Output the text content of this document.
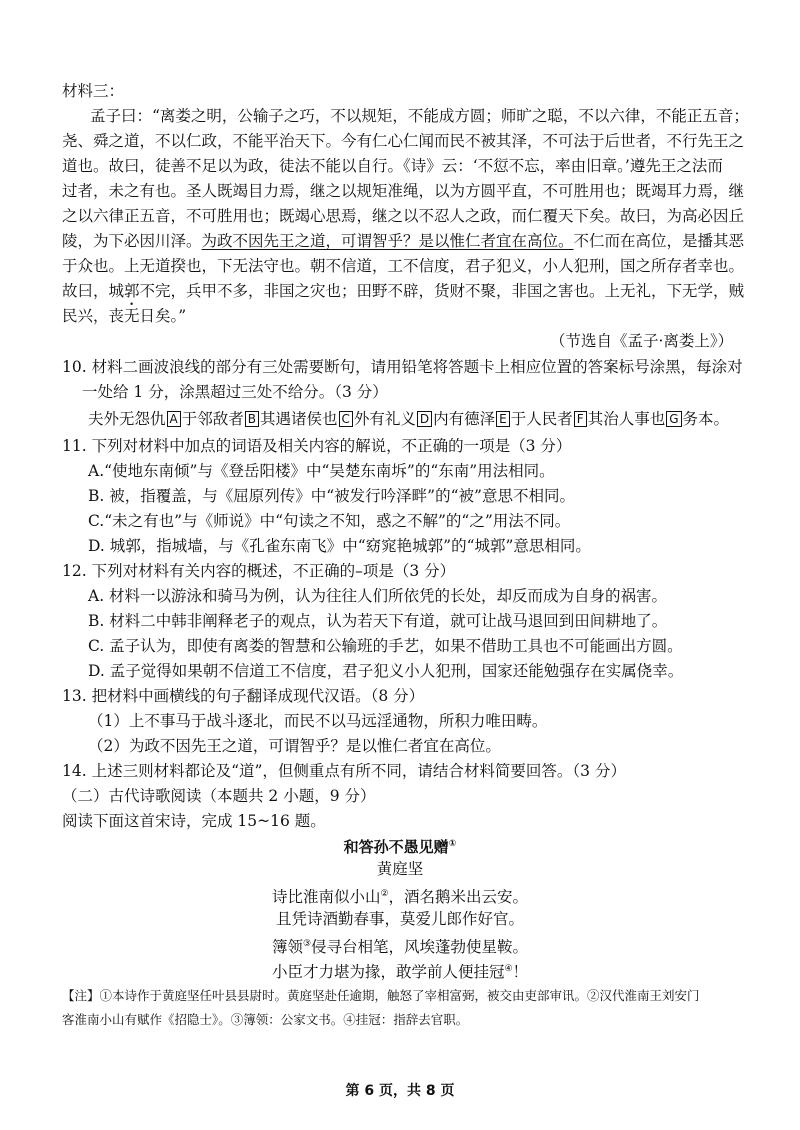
材料三：
孟子曰：“离娄之明，公输子之巧，不以规矩，不能成方圆；师旷之聪，不以六律，不能正五音；
尧、舜之道，不以仁政，不能平治天下。今有仁心仁闻而民不被其泽，不可法于后世者，不行先王之
道也。故曰，徒善不足以为政，徒法不能以自行。《诗》云：‘不愆不忘，率由旧章。’遵先王之法而
过者，未之有也。圣人既竭目力焉，继之以规矩准绳，以为方圆平直，不可胜用也；既竭耳力焉，继
之以六律正五音，不可胜用也；既竭心思焉，继之以不忍人之政，而仁覆天下矣。故曰，为高必因丘
陵，为下必因川泽。为政不因先王之道，可谓智乎？是以惟仁者宜在高位。不仁而在高位，是播其恶
于众也。上无道揆也，下无法守也。朝不信道，工不信度，君子犯义，小人犯刑，国之所存者幸也。
故曰，城郭不完，兵甲不多，非国之灾也；田野不辟，货财不聚，非国之害也。上无礼，下无学，贼
民兴，丧无日矣。”
（节选自《孟子·离娄上》）
10. 材料二画波浪线的部分有三处需要断句，请用铅笔将答题卡上相应位置的答案标号涂黑，每涂对
一处给 1 分，涂黑超过三处不给分。（3 分）
夫外无怨仇 A 于邻敌者 B 其遇诸侯也 C 外有礼义 D 内有德泽 E 于人民者 F 其治人事也 G 务本。
11. 下列对材料中加点的词语及相关内容的解说，不正确的一项是（3 分）
A.“使地东南倾”与《登岳阳楼》中“吴楚东南坼”的“东南”用法相同。
B. 被，指覆盖，与《屈原列传》中“被发行吟泽畔”的“被”意思不相同。
C.“未之有也”与《师说》中“句读之不知，惑之不解”的“之”用法不同。
D. 城郭，指城墙，与《孔雀东南飞》中“窈窕艳城郭”的“城郭”意思相同。
12. 下列对材料有关内容的概述，不正确的–项是（3 分）
A. 材料一以游泳和骑马为例，认为往往人们所依凭的长处，却反而成为自身的祸害。
B. 材料二中韩非阐释老子的观点，认为若天下有道，就可让战马退回到田间耕地了。
C. 孟子认为，即使有离娄的智慧和公输班的手艺，如果不借助工具也不可能画出方圆。
D. 孟子觉得如果朝不信道工不信度，君子犯义小人犯刑，国家还能勉强存在实属侥幸。
13. 把材料中画横线的句子翻译成现代汉语。（8 分）
（1）上不事马于战斗逐北，而民不以马远淫通物，所积力唯田畴。
（2）为政不因先王之道，可谓智乎？是以惟仁者宜在高位。
14. 上述三则材料都论及“道”，但侧重点有所不同，请结合材料简要回答。（3 分）
（二）古代诗歌阅读（本题共 2 小题，9 分）
阅读下面这首宋诗，完成 15~16 题。
和答孙不愚见赠①
黄庭坚
诗比淮南似小山②，酒名鹅米出云安。
且凭诗酒勤春事，莫爱儿郎作好官。
簿领③侵寻台相笔，风埃蓬勃使星鞍。
小臣才力堪为掾，敢学前人便挂冠④！
【注】①本诗作于黄庭坚任叶县县尉时。黄庭坚赴任逾期，触怒了宰相富弼，被交由吏部审讯。②汉代淮南王刘安门
客淮南小山有赋作《招隐士》。③簿领：公家文书。④挂冠：指辞去官职。
第 6 页，共 8 页
